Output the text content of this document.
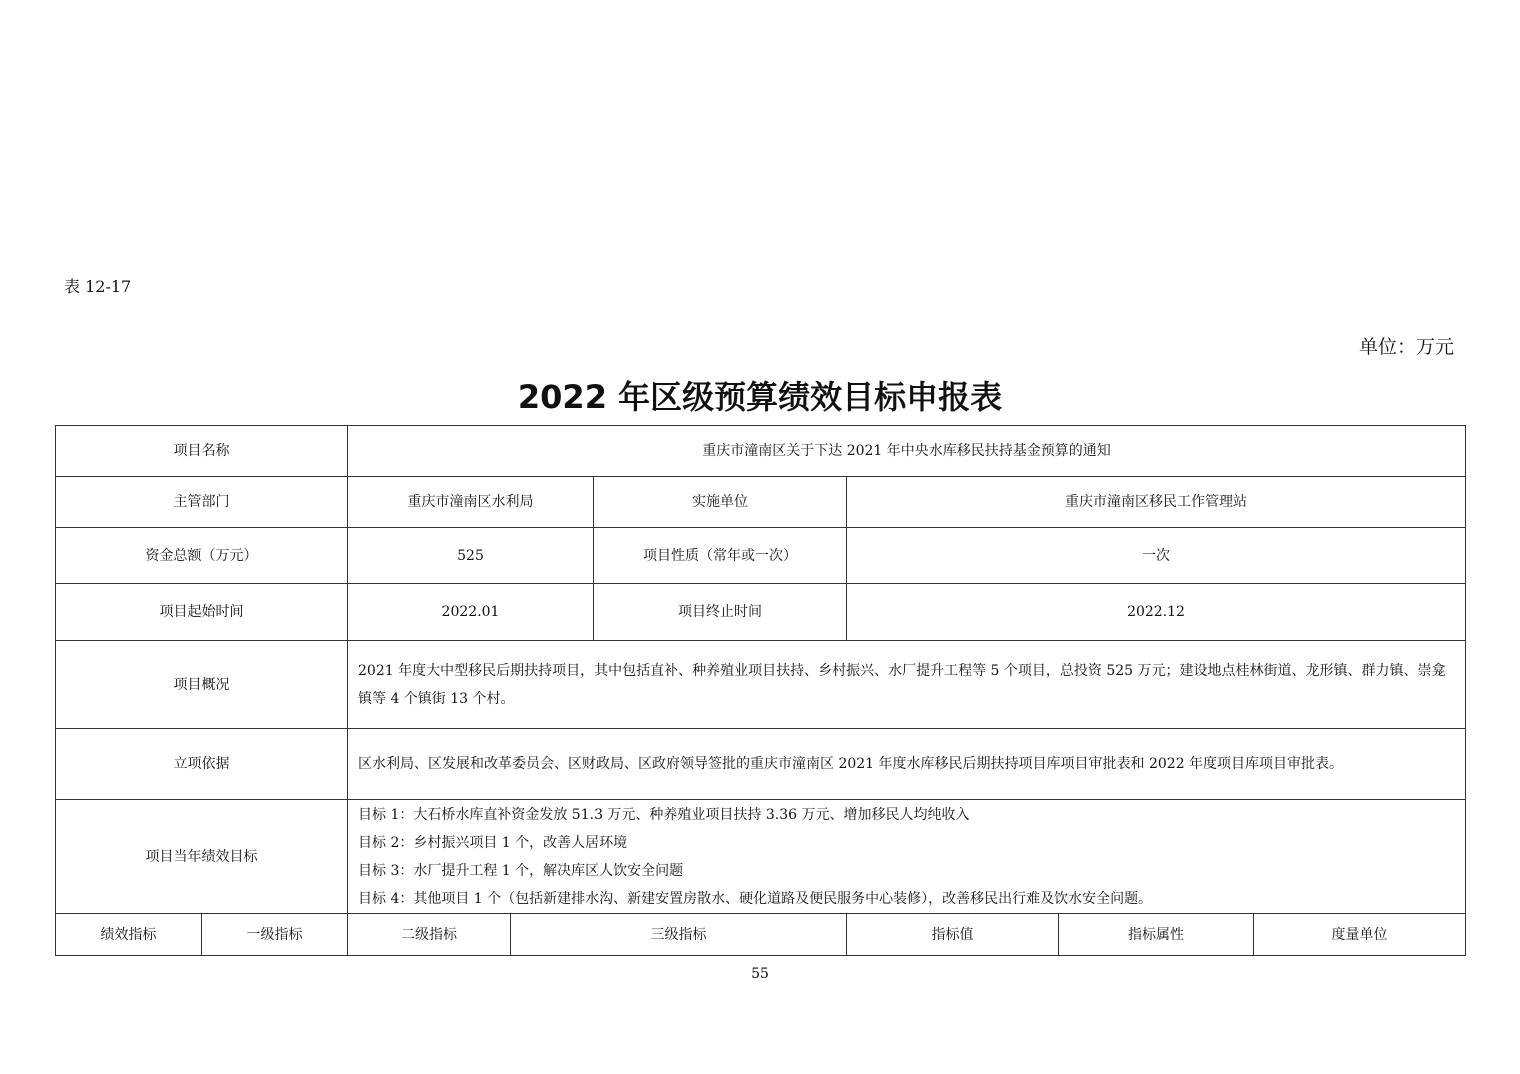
表 12-17
单位：万元
2022 年区级预算绩效目标申报表
项目名称		重庆市潼南区关于下达 2021 年中央水库移民扶持基金预算的通知					
主管部门		重庆市潼南区水利局		实施单位	重庆市潼南区移民工作管理站		
资金总额（万元）		525		项目性质（常年或一次）	一次		
项目起始时间		2022.01		项目终止时间	2022.12		
项目概况		2021 年度大中型移民后期扶持项目，其中包括直补、种养殖业项目扶持、乡村振兴、水厂提升工程等 5 个项目，总投资 525 万元；建设地点桂林街道、龙形镇、群力镇、崇龛镇等 4 个镇街 13 个村。					
立项依据		区水利局、区发展和改革委员会、区财政局、区政府领导签批的重庆市潼南区 2021 年度水库移民后期扶持项目库项目审批表和 2022 年度项目库项目审批表。					
项目当年绩效目标		目标 1：大石桥水库直补资金发放 51.3 万元、种养殖业项目扶持 3.36 万元、增加移民人均纯收入
目标 2：乡村振兴项目 1 个，改善人居环境
目标 3：水厂提升工程 1 个，解决库区人饮安全问题
目标 4：其他项目 1 个（包括新建排水沟、新建安置房散水、硬化道路及便民服务中心装修），改善移民出行难及饮水安全问题。					

绩效指标	一级指标	二级指标	三级指标		指标值	指标属性	度量单位
55
